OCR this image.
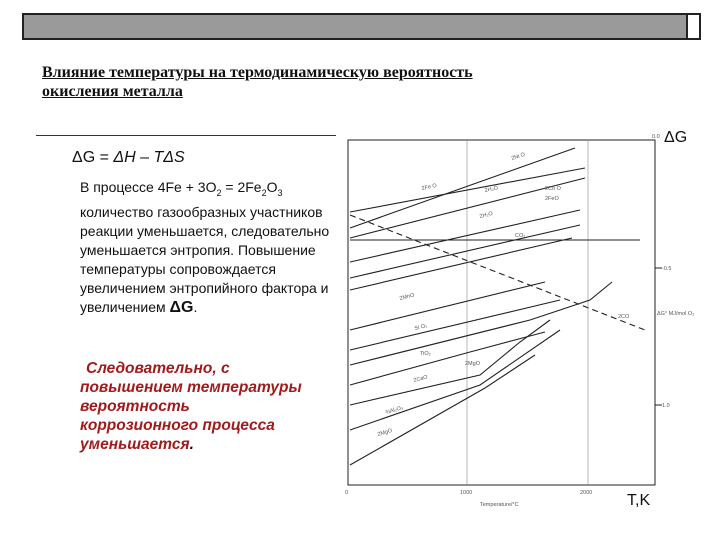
Влияние температуры на термодинамическую вероятность
окисления металла
ΔG = ΔH – TΔS
В процессе $4Fe + 3O_2 = 2Fe_2O_3$ количество газообразных участников реакции уменьшается, следовательно уменьшается энтропия. Повышение температуры сопровождается увеличением энтропийного фактора и увеличением ΔG.
Следовательно, с
повышением температуры
вероятность
коррозионного процесса
уменьшается.
2Ni O
2Fe O	2H₂O	2Co O
2FeO
2H₂O
CO₂
2CO
2MnO
Si O₂
TiO₂
2CaO
2MgO
⅔Al₂O₃
2MgO
0.0
-0.5
1.0
ΔG° MJ/mol O₂
0	1000	2000
Temperature/°C
ΔG
T,K
